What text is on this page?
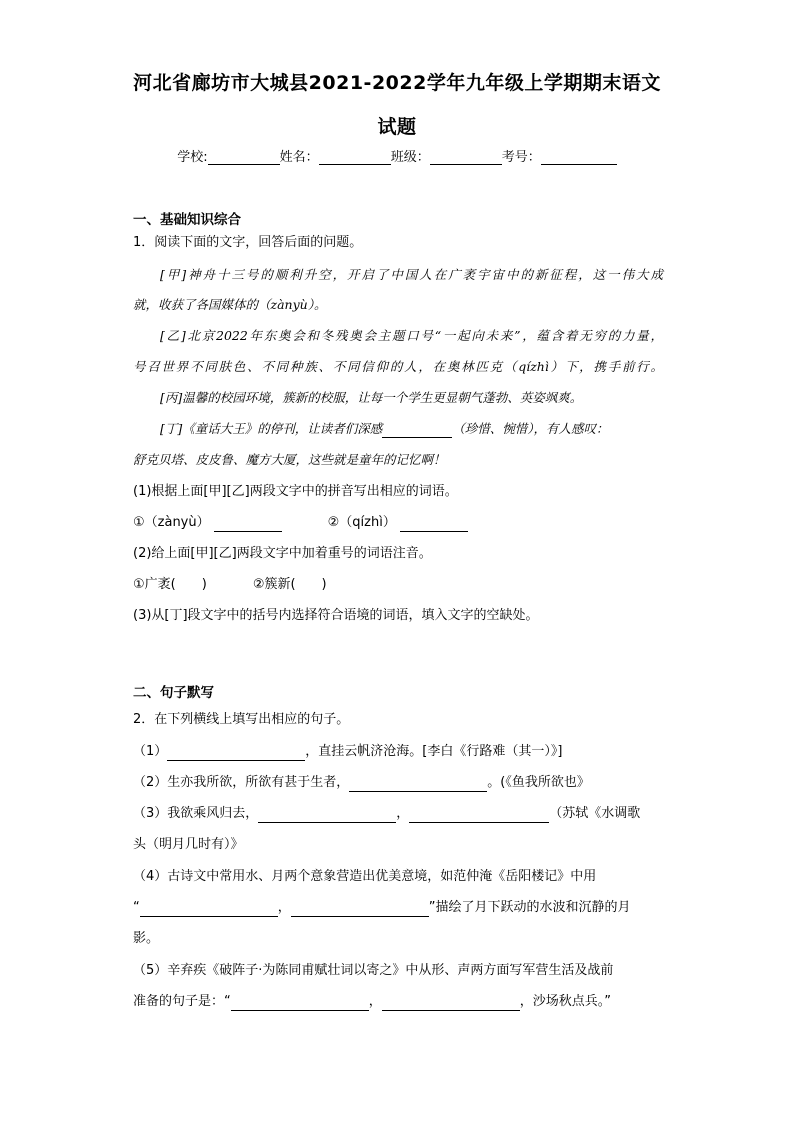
河北省廊坊市大城县2021-2022学年九年级上学期期末语文
试题
学校:	姓名：	班级：	考号：
一、基础知识综合
1．阅读下面的文字，回答后面的问题。
[甲]神舟十三号的顺利升空，开启了中国人在广袤宇宙中的新征程，这一伟大成
就，收获了各国媒体的（zànyù）。
[乙]北京2022年东奥会和冬残奥会主题口号“一起向未来”，蕴含着无穷的力量，
号召世界不同肤色、不同种族、不同信仰的人，在奥林匹克（qízhì）下，携手前行。
[丙]温馨的校园环境，簇新的校服，让每一个学生更显朝气蓬勃、英姿飒爽。
[丁]《童话大王》的停刊，让读者们深感	（珍惜、惋惜），有人感叹：
舒克贝塔、皮皮鲁、魔方大厦，这些就是童年的记忆啊！
(1)根据上面[甲][乙]两段文字中的拼音写出相应的词语。
①（zànyù）	②（qízhì）
(2)给上面[甲][乙]两段文字中加着重号的词语注音。
①广袤(　　)	②簇新(　　)
(3)从[丁]段文字中的括号内选择符合语境的词语，填入文字的空缺处。
二、句子默写
2．在下列横线上填写出相应的句子。
（1）	，直挂云帆济沧海。[李白《行路难（其一）》]
（2）生亦我所欲，所欲有甚于生者，	。(《鱼我所欲也》
（3）我欲乘风归去，	，	（苏轼《水调歌
头（明月几时有）》
（4）古诗文中常用水、月两个意象营造出优美意境，如范仲淹《岳阳楼记》中用
“	，	”描绘了月下跃动的水波和沉静的月
影。
（5）辛弃疾《破阵子·为陈同甫赋壮词以寄之》中从形、声两方面写军营生活及战前
准备的句子是：“	，	，沙场秋点兵。”
